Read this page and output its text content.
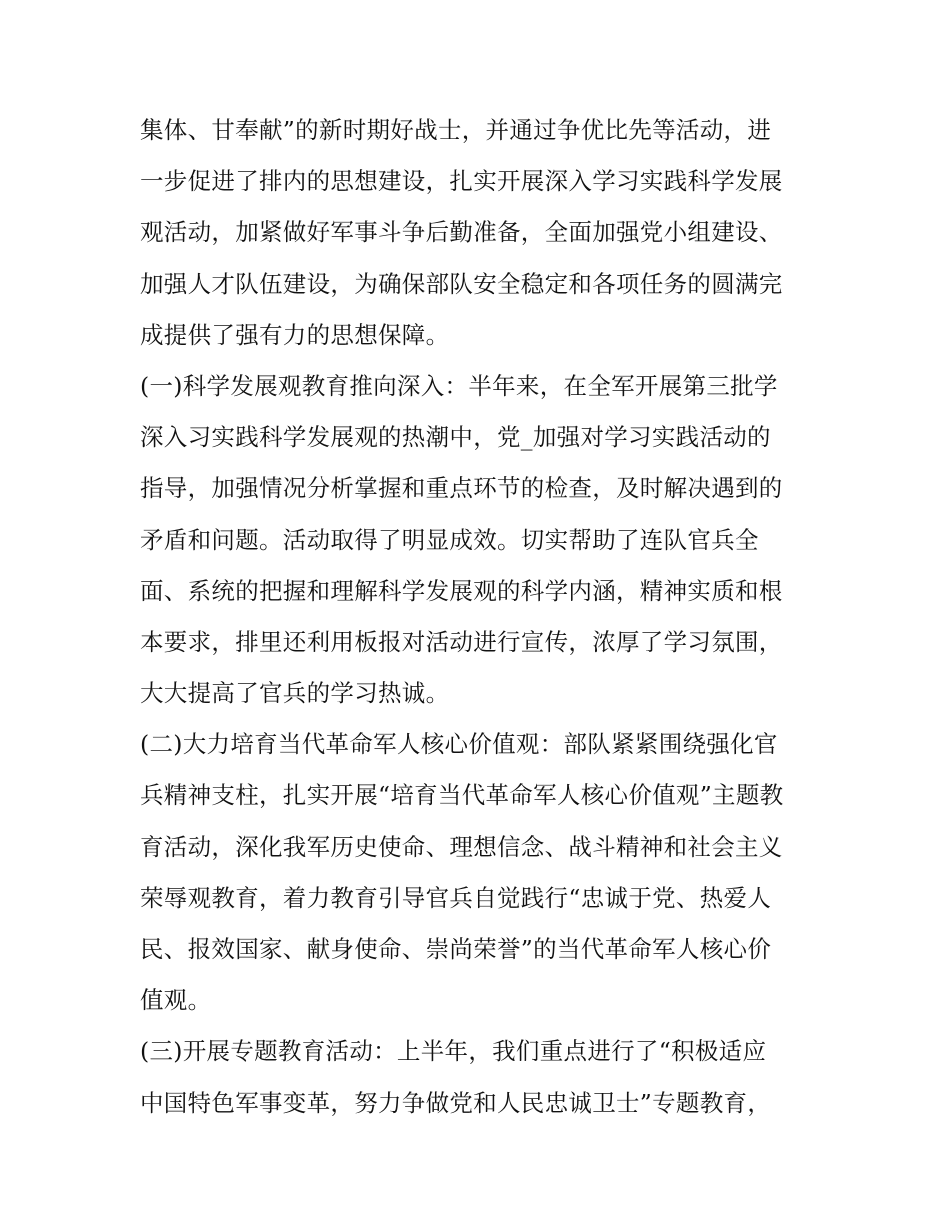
集体、甘奉献”的新时期好战士，并通过争优比先等活动，进
一步促进了排内的思想建设，扎实开展深入学习实践科学发展
观活动，加紧做好军事斗争后勤准备，全面加强党小组建设、
加强人才队伍建设，为确保部队安全稳定和各项任务的圆满完
成提供了强有力的思想保障。
(一)科学发展观教育推向深入：半年来，在全军开展第三批学
深入习实践科学发展观的热潮中，党_加强对学习实践活动的
指导，加强情况分析掌握和重点环节的检查，及时解决遇到的
矛盾和问题。活动取得了明显成效。切实帮助了连队官兵全
面、系统的把握和理解科学发展观的科学内涵，精神实质和根
本要求，排里还利用板报对活动进行宣传，浓厚了学习氛围，
大大提高了官兵的学习热诚。
(二)大力培育当代革命军人核心价值观：部队紧紧围绕强化官
兵精神支柱，扎实开展“培育当代革命军人核心价值观”主题教
育活动，深化我军历史使命、理想信念、战斗精神和社会主义
荣辱观教育，着力教育引导官兵自觉践行“忠诚于党、热爱人
民、报效国家、献身使命、崇尚荣誉”的当代革命军人核心价
值观。
(三)开展专题教育活动：上半年，我们重点进行了“积极适应
中国特色军事变革，努力争做党和人民忠诚卫士”专题教育，
